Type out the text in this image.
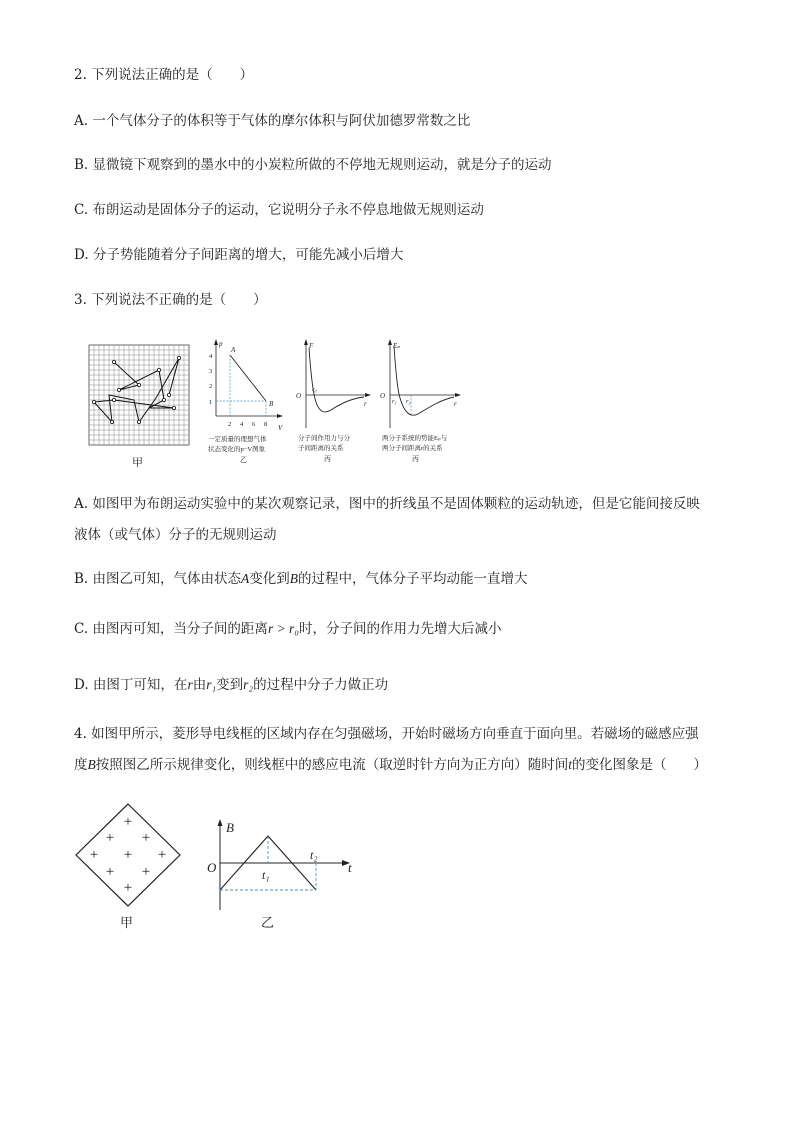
2. 下列说法正确的是（　　）
A. 一个气体分子的体积等于气体的摩尔体积与阿伏加德罗常数之比
B. 显微镜下观察到的墨水中的小炭粒所做的不停地无规则运动，就是分子的运动
C. 布朗运动是固体分子的运动，它说明分子永不停息地做无规则运动
D. 分子势能随着分子间距离的增大，可能先减小后增大
3. 下列说法不正确的是（　　）
甲
p
V
4
3
2
1
2 4 6 8
A
B
一定质量的理想气体
状态变化的p−V图象
乙
F
O
r
r₀
分子间作用力与分
子间距离的关系
丙
Eₚ
O
r
r₁ r₂
两分子系统的势能Eₚ与
两分子间距离r的关系
丙
A. 如图甲为布朗运动实验中的某次观察记录，图中的折线虽不是固体颗粒的运动轨迹，但是它能间接反映
液体（或气体）分子的无规则运动
B. 由图乙可知，气体由状态A变化到B的过程中，气体分子平均动能一直增大
C. 由图丙可知，当分子间的距离r > r₀时，分子间的作用力先增大后减小
D. 由图丁可知，在r由r₁变到r₂的过程中分子力做正功
4. 如图甲所示，菱形导电线框的区域内存在匀强磁场，开始时磁场方向垂直于面向里。若磁场的磁感应强
度B按照图乙所示规律变化，则线框中的感应电流（取逆时针方向为正方向）随时间t的变化图象是（　　）
+
+ +
+ + +
+ +
+
甲
B
O	t
t₁
t₂
乙
